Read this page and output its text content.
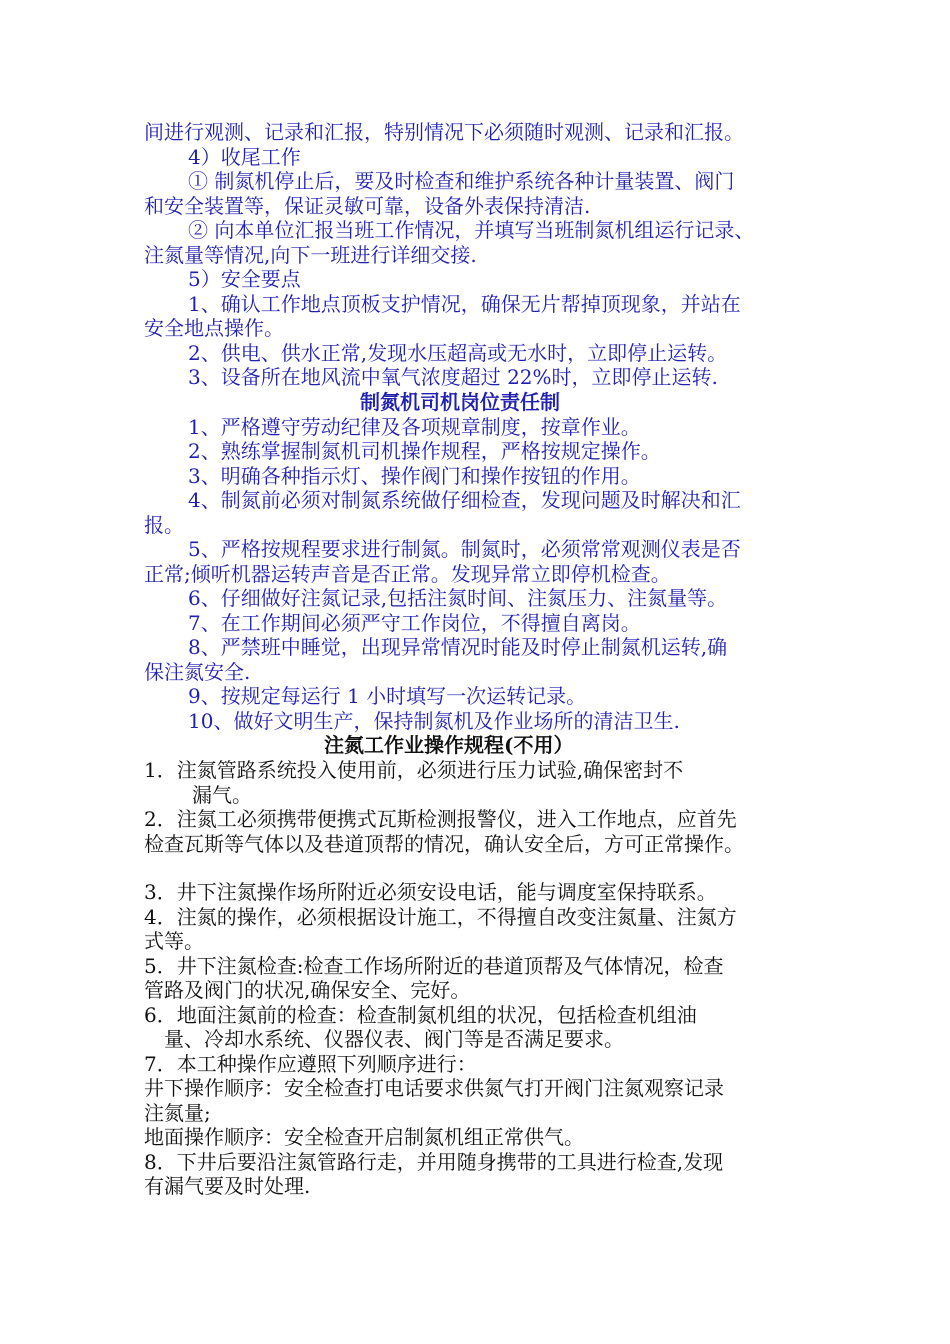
间进行观测、记录和汇报，特别情况下必须随时观测、记录和汇报。
4）收尾工作
① 制氮机停止后，要及时检查和维护系统各种计量装置、阀门
和安全装置等，保证灵敏可靠，设备外表保持清洁.
② 向本单位汇报当班工作情况，并填写当班制氮机组运行记录、
注氮量等情况,向下一班进行详细交接.
5）安全要点
1、确认工作地点顶板支护情况，确保无片帮掉顶现象，并站在
安全地点操作。
2、供电、供水正常,发现水压超高或无水时，立即停止运转。
3、设备所在地风流中氧气浓度超过 22%时，立即停止运转.
制氮机司机岗位责任制
1、严格遵守劳动纪律及各项规章制度，按章作业。
2、熟练掌握制氮机司机操作规程，严格按规定操作。
3、明确各种指示灯、操作阀门和操作按钮的作用。
4、制氮前必须对制氮系统做仔细检查，发现问题及时解决和汇
报。
5、严格按规程要求进行制氮。制氮时，必须常常观测仪表是否
正常;倾听机器运转声音是否正常。发现异常立即停机检查。
6、仔细做好注氮记录,包括注氮时间、注氮压力、注氮量等。
7、在工作期间必须严守工作岗位，不得擅自离岗。
8、严禁班中睡觉，出现异常情况时能及时停止制氮机运转,确
保注氮安全.
9、按规定每运行 1 小时填写一次运转记录。
10、做好文明生产，保持制氮机及作业场所的清洁卫生.
注氮工作业操作规程(不用）
1．注氮管路系统投入使用前，必须进行压力试验,确保密封不
漏气。
2．注氮工必须携带便携式瓦斯检测报警仪，进入工作地点，应首先
检查瓦斯等气体以及巷道顶帮的情况，确认安全后，方可正常操作。
3．井下注氮操作场所附近必须安设电话，能与调度室保持联系。
4．注氮的操作，必须根据设计施工，不得擅自改变注氮量、注氮方
式等。
5．井下注氮检查:检查工作场所附近的巷道顶帮及气体情况，检查
管路及阀门的状况,确保安全、完好。
6．地面注氮前的检查：检查制氮机组的状况，包括检查机组油
量、冷却水系统、仪器仪表、阀门等是否满足要求。
7．本工种操作应遵照下列顺序进行：
井下操作顺序：安全检查打电话要求供氮气打开阀门注氮观察记录
注氮量;
地面操作顺序：安全检查开启制氮机组正常供气。
8．下井后要沿注氮管路行走，并用随身携带的工具进行检查,发现
有漏气要及时处理.
